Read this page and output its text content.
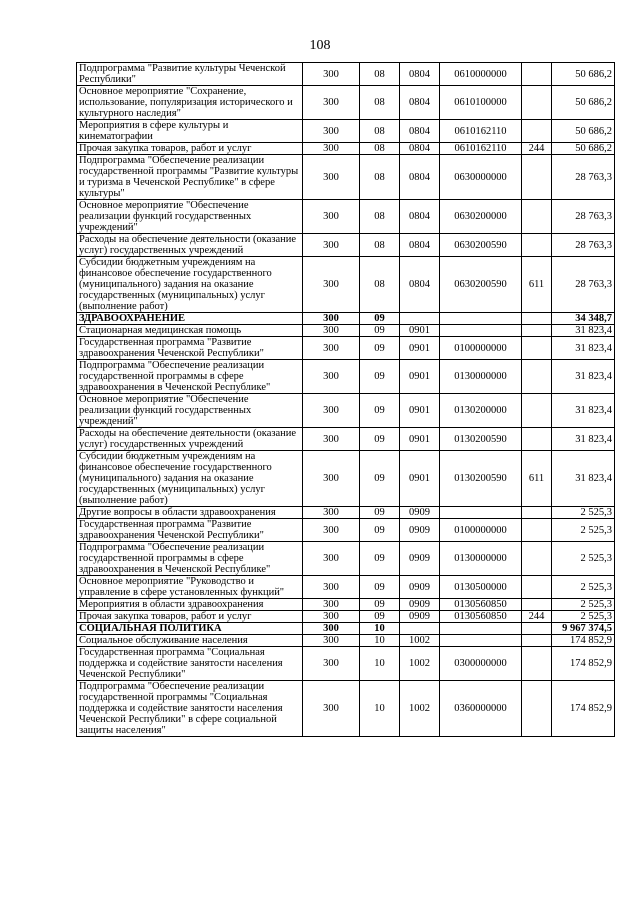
108
Подпрограмма "Развитие культуры Чеченской Республики"	300	08	0804	0610000000		50 686,2
Основное мероприятие "Сохранение, использование, популяризация исторического и культурного наследия"	300	08	0804	0610100000		50 686,2
Мероприятия в сфере культуры и кинематографии	300	08	0804	0610162110		50 686,2
Прочая закупка товаров, работ и услуг	300	08	0804	0610162110	244	50 686,2
Подпрограмма "Обеспечение реализации государственной программы "Развитие культуры и туризма в Чеченской Республике" в сфере культуры"	300	08	0804	0630000000		28 763,3
Основное мероприятие "Обеспечение реализации функций государственных учреждений"	300	08	0804	0630200000		28 763,3
Расходы на обеспечение деятельности (оказание услуг) государственных учреждений	300	08	0804	0630200590		28 763,3
Субсидии бюджетным учреждениям на финансовое обеспечение государственного (муниципального) задания на оказание государственных (муниципальных) услуг (выполнение работ)	300	08	0804	0630200590	611	28 763,3
ЗДРАВООХРАНЕНИЕ	300	09				34 348,7
Стационарная медицинская помощь	300	09	0901			31 823,4
Государственная программа "Развитие здравоохранения Чеченской Республики"	300	09	0901	0100000000		31 823,4
Подпрограмма "Обеспечение реализации государственной программы в сфере здравоохранения в Чеченской Республике"	300	09	0901	0130000000		31 823,4
Основное мероприятие "Обеспечение реализации функций государственных учреждений"	300	09	0901	0130200000		31 823,4
Расходы на обеспечение деятельности (оказание услуг) государственных учреждений	300	09	0901	0130200590		31 823,4
Субсидии бюджетным учреждениям на финансовое обеспечение государственного (муниципального) задания на оказание государственных (муниципальных) услуг (выполнение работ)	300	09	0901	0130200590	611	31 823,4
Другие вопросы в области здравоохранения	300	09	0909			2 525,3
Государственная программа "Развитие здравоохранения Чеченской Республики"	300	09	0909	0100000000		2 525,3
Подпрограмма "Обеспечение реализации государственной программы в сфере здравоохранения в Чеченской Республике"	300	09	0909	0130000000		2 525,3
Основное мероприятие "Руководство и управление в сфере установленных функций"	300	09	0909	0130500000		2 525,3
Мероприятия в области здравоохранения	300	09	0909	0130560850		2 525,3
Прочая закупка товаров, работ и услуг	300	09	0909	0130560850	244	2 525,3
СОЦИАЛЬНАЯ ПОЛИТИКА	300	10				9 967 374,5
Социальное обслуживание населения	300	10	1002			174 852,9
Государственная программа "Социальная поддержка и содействие занятости населения Чеченской Республики"	300	10	1002	0300000000		174 852,9
Подпрограмма "Обеспечение реализации государственной программы "Социальная поддержка и содействие занятости населения Чеченской Республики" в сфере социальной защиты населения"	300	10	1002	0360000000		174 852,9
